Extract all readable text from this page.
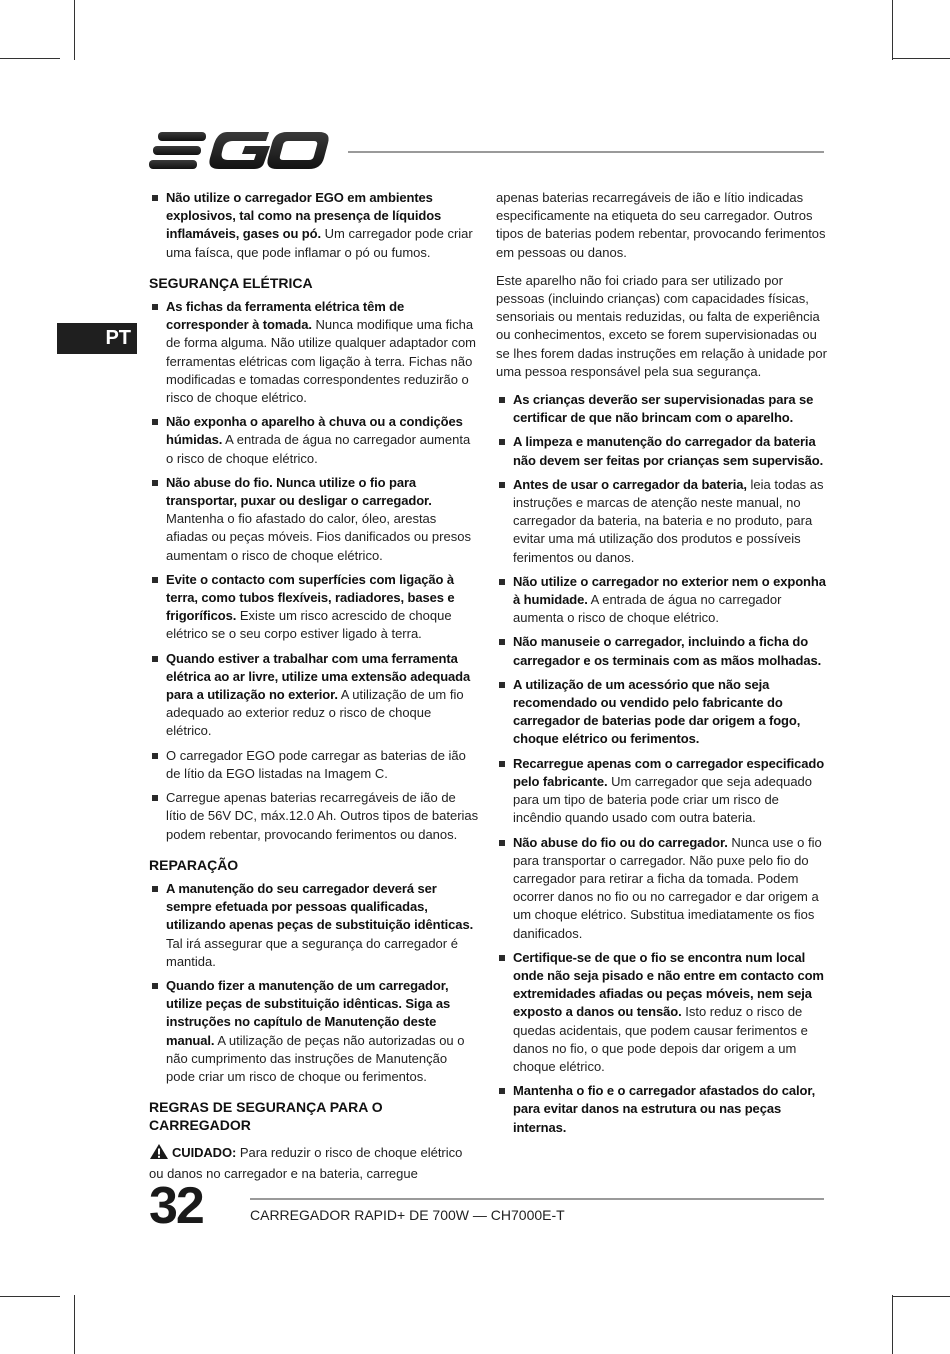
PT
Não utilize o carregador EGO em ambientes explosivos, tal como na presença de líquidos inflamáveis, gases ou pó. Um carregador pode criar uma faísca, que pode inflamar o pó ou fumos.
SEGURANÇA ELÉTRICA
As fichas da ferramenta elétrica têm de corresponder à tomada. Nunca modifique uma ficha de forma alguma. Não utilize qualquer adaptador com ferramentas elétricas com ligação à terra. Fichas não modificadas e tomadas correspondentes reduzirão o risco de choque elétrico.
Não exponha o aparelho à chuva ou a condições húmidas. A entrada de água no carregador aumenta o risco de choque elétrico.
Não abuse do fio. Nunca utilize o fio para transportar, puxar ou desligar o carregador. Mantenha o fio afastado do calor, óleo, arestas afiadas ou peças móveis. Fios danificados ou presos aumentam o risco de choque elétrico.
Evite o contacto com superfícies com ligação à terra, como tubos flexíveis, radiadores, bases e frigoríficos. Existe um risco acrescido de choque elétrico se o seu corpo estiver ligado à terra.
Quando estiver a trabalhar com uma ferramenta elétrica ao ar livre, utilize uma extensão adequada para a utilização no exterior. A utilização de um fio adequado ao exterior reduz o risco de choque elétrico.
O carregador EGO pode carregar as baterias de ião de lítio da EGO listadas na Imagem C.
Carregue apenas baterias recarregáveis de ião de lítio de 56V DC, máx.12.0 Ah. Outros tipos de baterias podem rebentar, provocando ferimentos ou danos.
REPARAÇÃO
A manutenção do seu carregador deverá ser sempre efetuada por pessoas qualificadas, utilizando apenas peças de substituição idênticas. Tal irá assegurar que a segurança do carregador é mantida.
Quando fizer a manutenção de um carregador, utilize peças de substituição idênticas. Siga as instruções no capítulo de Manutenção deste manual. A utilização de peças não autorizadas ou o não cumprimento das instruções de Manutenção pode criar um risco de choque ou ferimentos.
REGRAS DE SEGURANÇA PARA O CARREGADOR
CUIDADO: Para reduzir o risco de choque elétrico ou danos no carregador e na bateria, carregue

apenas baterias recarregáveis de ião e lítio indicadas especificamente na etiqueta do seu carregador. Outros tipos de baterias podem rebentar, provocando ferimentos em pessoas ou danos.

Este aparelho não foi criado para ser utilizado por pessoas (incluindo crianças) com capacidades físicas, sensoriais ou mentais reduzidas, ou falta de experiência ou conhecimentos, exceto se forem supervisionadas ou se lhes forem dadas instruções em relação à unidade por uma pessoa responsável pela sua segurança.

As crianças deverão ser supervisionadas para se certificar de que não brincam com o aparelho.
A limpeza e manutenção do carregador da bateria não devem ser feitas por crianças sem supervisão.
Antes de usar o carregador da bateria, leia todas as instruções e marcas de atenção neste manual, no carregador da bateria, na bateria e no produto, para evitar uma má utilização dos produtos e possíveis ferimentos ou danos.
Não utilize o carregador no exterior nem o exponha à humidade. A entrada de água no carregador aumenta o risco de choque elétrico.
Não manuseie o carregador, incluindo a ficha do carregador e os terminais com as mãos molhadas.
A utilização de um acessório que não seja recomendado ou vendido pelo fabricante do carregador de baterias pode dar origem a fogo, choque elétrico ou ferimentos.
Recarregue apenas com o carregador especificado pelo fabricante. Um carregador que seja adequado para um tipo de bateria pode criar um risco de incêndio quando usado com outra bateria.
Não abuse do fio ou do carregador. Nunca use o fio para transportar o carregador. Não puxe pelo fio do carregador para retirar a ficha da tomada. Podem ocorrer danos no fio ou no carregador e dar origem a um choque elétrico. Substitua imediatamente os fios danificados.
Certifique-se de que o fio se encontra num local onde não seja pisado e não entre em contacto com extremidades afiadas ou peças móveis, nem seja exposto a danos ou tensão. Isto reduz o risco de quedas acidentais, que podem causar ferimentos e danos no fio, o que pode depois dar origem a um choque elétrico.
Mantenha o fio e o carregador afastados do calor, para evitar danos na estrutura ou nas peças internas.
32	CARREGADOR RAPID+ DE 700W — CH7000E-T
